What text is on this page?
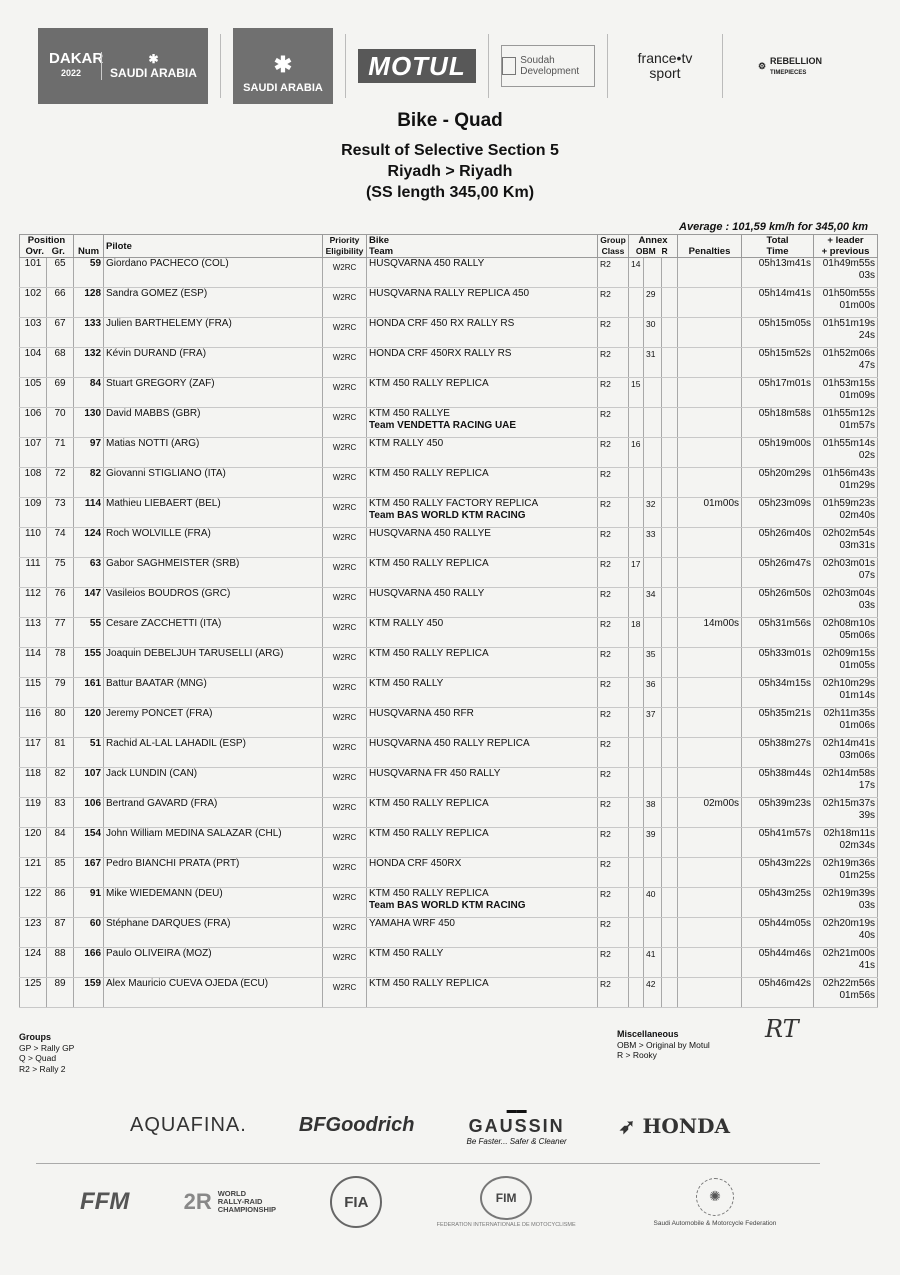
DAKAR
2022
✱
SAUDI ARABIA	✱
SAUDI ARABIA
MOTUL	Soudah Development
france•tv
sport	⚙ REBELLION
TIMEPIECES
Bike - Quad
Result of Selective Section 5
Riyadh > Riyadh
(SS length 345,00 Km)
Average : 101,59 km/h for 345,00 km
Position
Ovr. Gr.		Num	Pilote	Priority
Eligibility	Bike
Team	Group
Class	Annex
OBM R			Penalties	Total
Time	+ leader
+ previous
101	65	59	Giordano PACHECO (COL)	W2RC	HUSQVARNA 450 RALLY	R2	14				05h13m41s	01h49m55s
03s
102	66	128	Sandra GOMEZ (ESP)	W2RC	HUSQVARNA RALLY REPLICA 450	R2		29			05h14m41s	01h50m55s
01m00s
103	67	133	Julien BARTHELEMY (FRA)	W2RC	HONDA CRF 450 RX RALLY RS	R2		30			05h15m05s	01h51m19s
24s
104	68	132	Kévin DURAND (FRA)	W2RC	HONDA CRF 450RX RALLY RS	R2		31			05h15m52s	01h52m06s
47s
105	69	84	Stuart GREGORY (ZAF)	W2RC	KTM 450 RALLY REPLICA	R2	15				05h17m01s	01h53m15s
01m09s
106	70	130	David MABBS (GBR)	W2RC	KTM 450 RALLYE
Team VENDETTA RACING UAE	R2					05h18m58s	01h55m12s
01m57s
107	71	97	Matias NOTTI (ARG)	W2RC	KTM RALLY 450	R2	16				05h19m00s	01h55m14s
02s
108	72	82	Giovanni STIGLIANO (ITA)	W2RC	KTM 450 RALLY REPLICA	R2					05h20m29s	01h56m43s
01m29s
109	73	114	Mathieu LIEBAERT (BEL)	W2RC	KTM 450 RALLY FACTORY REPLICA
Team BAS WORLD KTM RACING	R2		32		01m00s	05h23m09s	01h59m23s
02m40s
110	74	124	Roch WOLVILLE (FRA)	W2RC	HUSQVARNA 450 RALLYE	R2		33			05h26m40s	02h02m54s
03m31s
111	75	63	Gabor SAGHMEISTER (SRB)	W2RC	KTM 450 RALLY REPLICA	R2	17				05h26m47s	02h03m01s
07s
112	76	147	Vasileios BOUDROS (GRC)	W2RC	HUSQVARNA 450 RALLY	R2		34			05h26m50s	02h03m04s
03s
113	77	55	Cesare ZACCHETTI (ITA)	W2RC	KTM RALLY 450	R2	18			14m00s	05h31m56s	02h08m10s
05m06s
114	78	155	Joaquin DEBELJUH TARUSELLI (ARG)	W2RC	KTM 450 RALLY REPLICA	R2		35			05h33m01s	02h09m15s
01m05s
115	79	161	Battur BAATAR (MNG)	W2RC	KTM 450 RALLY	R2		36			05h34m15s	02h10m29s
01m14s
116	80	120	Jeremy PONCET (FRA)	W2RC	HUSQVARNA 450 RFR	R2		37			05h35m21s	02h11m35s
01m06s
117	81	51	Rachid AL-LAL LAHADIL (ESP)	W2RC	HUSQVARNA 450 RALLY REPLICA	R2					05h38m27s	02h14m41s
03m06s
118	82	107	Jack LUNDIN (CAN)	W2RC	HUSQVARNA FR 450 RALLY	R2					05h38m44s	02h14m58s
17s
119	83	106	Bertrand GAVARD (FRA)	W2RC	KTM 450 RALLY REPLICA	R2		38		02m00s	05h39m23s	02h15m37s
39s
120	84	154	John William MEDINA SALAZAR (CHL)	W2RC	KTM 450 RALLY REPLICA	R2		39			05h41m57s	02h18m11s
02m34s
121	85	167	Pedro BIANCHI PRATA (PRT)	W2RC	HONDA CRF 450RX	R2					05h43m22s	02h19m36s
01m25s
122	86	91	Mike WIEDEMANN (DEU)	W2RC	KTM 450 RALLY REPLICA
Team BAS WORLD KTM RACING	R2		40			05h43m25s	02h19m39s
03s
123	87	60	Stéphane DARQUES (FRA)	W2RC	YAMAHA WRF 450	R2					05h44m05s	02h20m19s
40s
124	88	166	Paulo OLIVEIRA (MOZ)	W2RC	KTM 450 RALLY	R2		41			05h44m46s	02h21m00s
41s
125	89	159	Alex Mauricio CUEVA OJEDA (ECU)	W2RC	KTM 450 RALLY REPLICA	R2		42			05h46m42s	02h22m56s
01m56s
Groups
GP > Rally GP
Q > Quad
R2 > Rally 2
Miscellaneous
OBM > Original by Motul
R > Rooky
RT
AQUAFINA.	BFGoodrich
▬▬
GAUSSIN
Be Faster... Safer & Cleaner
➶ HONDA
FFM 2R WORLD
RALLY-RAID
CHAMPIONSHIP	FIA	FIM
FEDERATION INTERNATIONALE DE MOTOCYCLISME
✺
Saudi Automobile & Motorcycle Federation
